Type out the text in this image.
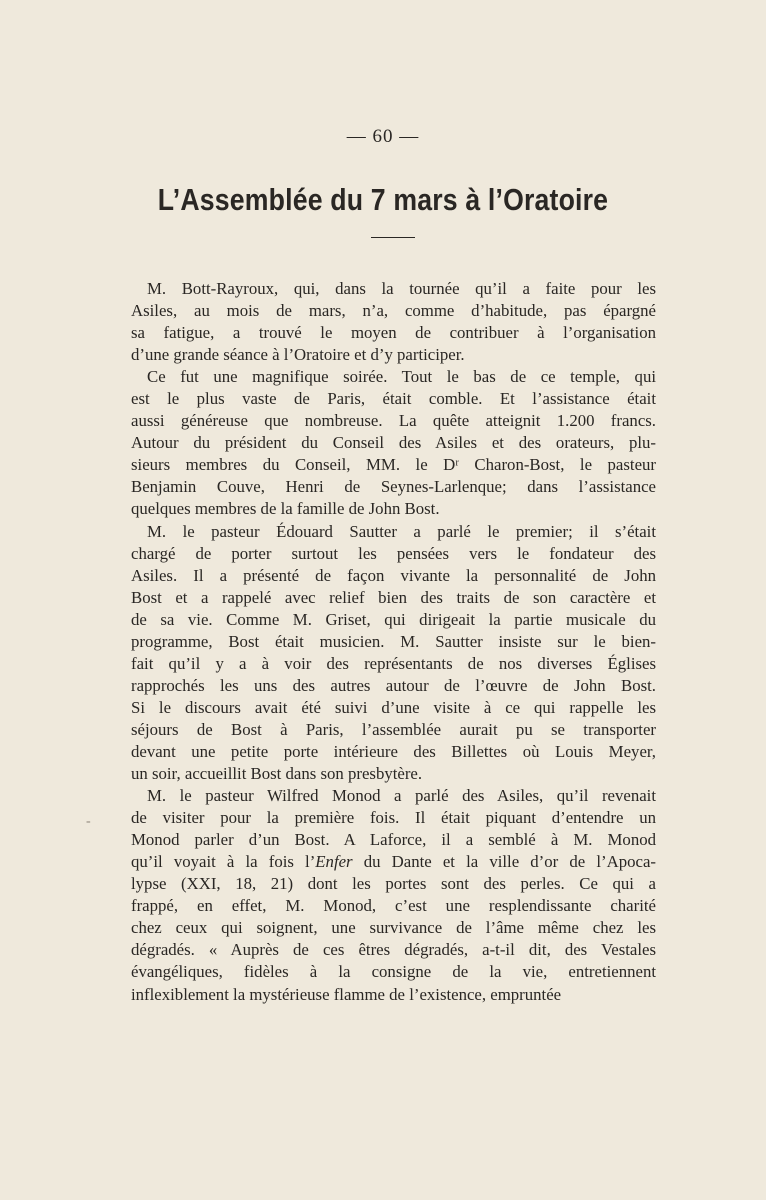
— 60 —
L’Assemblée du 7 mars à l’Oratoire

M. Bott-Rayroux, qui, dans la tournée qu’il a faite pour les
Asiles, au mois de mars, n’a, comme d’habitude, pas épargné
sa fatigue, a trouvé le moyen de contribuer à l’organisation
d’une grande séance à l’Oratoire et d’y participer.

Ce fut une magnifique soirée. Tout le bas de ce temple, qui
est le plus vaste de Paris, était comble. Et l’assistance était
aussi généreuse que nombreuse. La quête atteignit 1.200 francs.
Autour du président du Conseil des Asiles et des orateurs, plu-
sieurs membres du Conseil, MM. le Dʳ Charon-Bost, le pasteur
Benjamin Couve, Henri de Seynes-Larlenque; dans l’assistance
quelques membres de la famille de John Bost.

M. le pasteur Édouard Sautter a parlé le premier; il s’était
chargé de porter surtout les pensées vers le fondateur des
Asiles. Il a présenté de façon vivante la personnalité de John
Bost et a rappelé avec relief bien des traits de son caractère et
de sa vie. Comme M. Griset, qui dirigeait la partie musicale du
programme, Bost était musicien. M. Sautter insiste sur le bien-
fait qu’il y a à voir des représentants de nos diverses Églises
rapprochés les uns des autres autour de l’œuvre de John Bost.
Si le discours avait été suivi d’une visite à ce qui rappelle les
séjours de Bost à Paris, l’assemblée aurait pu se transporter
devant une petite porte intérieure des Billettes où Louis Meyer,
un soir, accueillit Bost dans son presbytère.

M. le pasteur Wilfred Monod a parlé des Asiles, qu’il revenait
de visiter pour la première fois. Il était piquant d’entendre un
Monod parler d’un Bost. A Laforce, il a semblé à M. Monod
qu’il voyait à la fois l’Enfer du Dante et la ville d’or de l’Apoca-
lypse (XXI, 18, 21) dont les portes sont des perles. Ce qui a
frappé, en effet, M. Monod, c’est une resplendissante charité
chez ceux qui soignent, une survivance de l’âme même chez les
dégradés. « Auprès de ces êtres dégradés, a-t-il dit, des Vestales
évangéliques, fidèles à la consigne de la vie, entretiennent
inflexiblement la mystérieuse flamme de l’existence, empruntée

-
